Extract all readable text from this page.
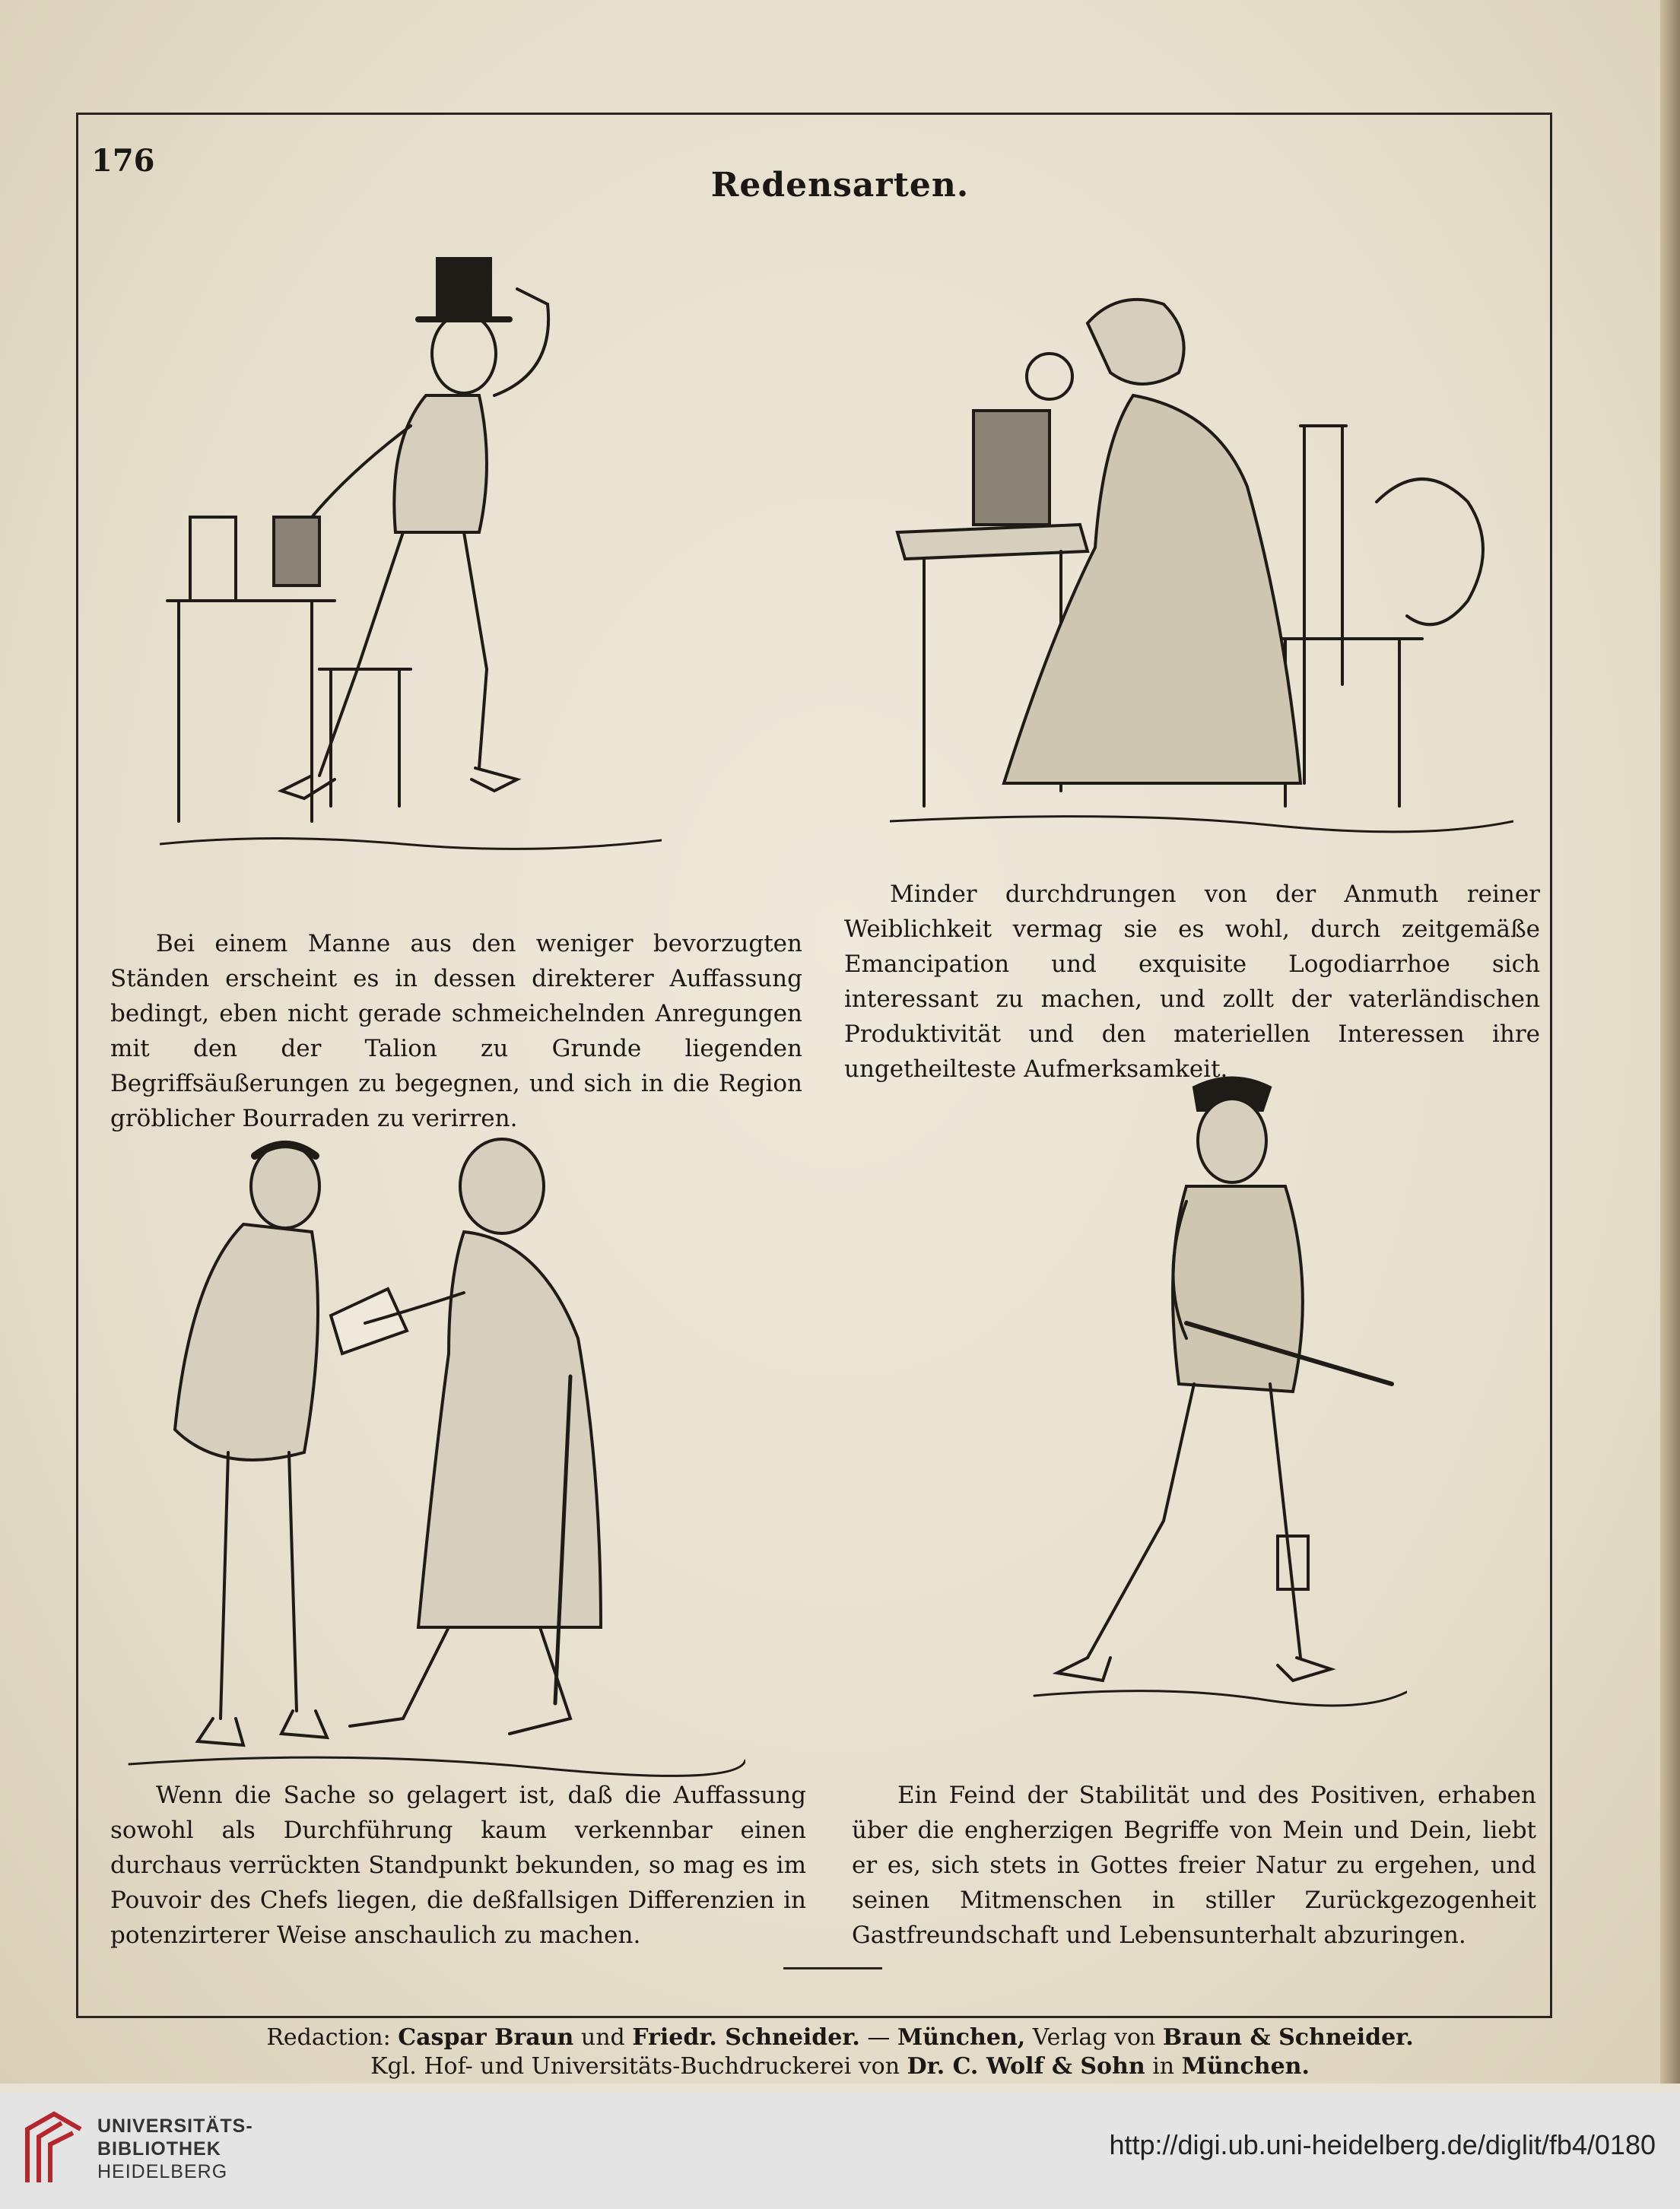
176
Redensarten.

Bei einem Manne aus den weniger bevorzugten Ständen erscheint es in dessen direkterer Auffassung bedingt, eben nicht gerade schmeichelnden Anregungen mit den der Talion zu Grunde liegenden Begriffsäußerungen zu begegnen, und sich in die Region gröblicher Bourraden zu verirren.

Minder durchdrungen von der Anmuth reiner Weiblichkeit vermag sie es wohl, durch zeitgemäße Emancipation und exquisite Logodiarrhoe sich interessant zu machen, und zollt der vaterländischen Produktivität und den materiellen Interessen ihre ungetheilteste Aufmerksamkeit.

Wenn die Sache so gelagert ist, daß die Auffassung sowohl als Durchführung kaum verkennbar einen durchaus verrückten Standpunkt bekunden, so mag es im Pouvoir des Chefs liegen, die deßfallsigen Differenzien in potenzirterer Weise anschaulich zu machen.

Ein Feind der Stabilität und des Positiven, erhaben über die engherzigen Begriffe von Mein und Dein, liebt er es, sich stets in Gottes freier Natur zu ergehen, und seinen Mitmenschen in stiller Zurückgezogenheit Gastfreundschaft und Lebensunterhalt abzuringen.

Redaction: Caspar Braun und Friedr. Schneider. — München, Verlag von Braun & Schneider.
Kgl. Hof- und Universitäts-Buchdruckerei von Dr. C. Wolf & Sohn in München.
UNIVERSITÄTS-
BIBLIOTHEK
HEIDELBERG
http://digi.ub.uni-heidelberg.de/diglit/fb4/0180
